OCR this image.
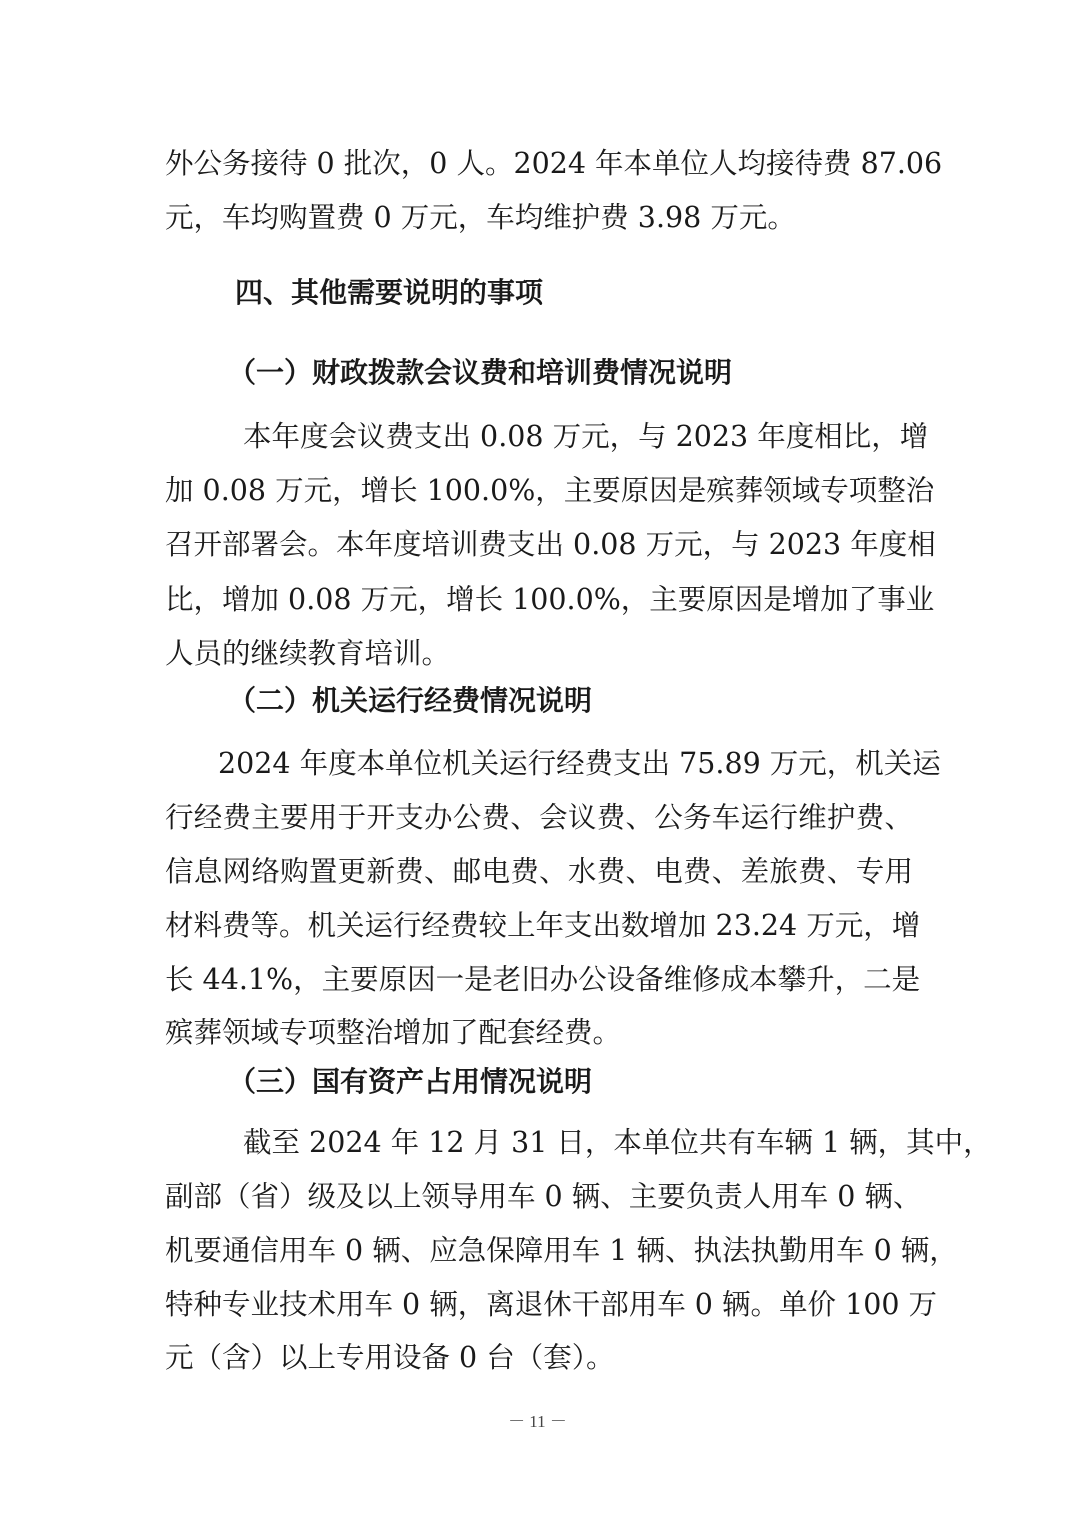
外公务接待 0 批次，0 人。2024 年本单位人均接待费 87.06

元，车均购置费 0 万元，车均维护费 3.98 万元。

四、其他需要说明的事项
（一）财政拨款会议费和培训费情况说明

本年度会议费支出 0.08 万元，与 2023 年度相比，增

加 0.08 万元，增长 100.0%，主要原因是殡葬领域专项整治

召开部署会。本年度培训费支出 0.08 万元，与 2023 年度相

比，增加 0.08 万元，增长 100.0%，主要原因是增加了事业

人员的继续教育培训。

（二）机关运行经费情况说明

2024 年度本单位机关运行经费支出 75.89 万元，机关运

行经费主要用于开支办公费、会议费、公务车运行维护费、

信息网络购置更新费、邮电费、水费、电费、差旅费、专用

材料费等。机关运行经费较上年支出数增加 23.24 万元，增

长 44.1%，主要原因一是老旧办公设备维修成本攀升，二是

殡葬领域专项整治增加了配套经费。

（三）国有资产占用情况说明

截至 2024 年 12 月 31 日，本单位共有车辆 1 辆，其中，

副部（省）级及以上领导用车 0 辆、主要负责人用车 0 辆、

机要通信用车 0 辆、应急保障用车 1 辆、执法执勤用车 0 辆，

特种专业技术用车 0 辆，离退休干部用车 0 辆。单价 100 万

元（含）以上专用设备 0 台（套）。

－ 11 －
